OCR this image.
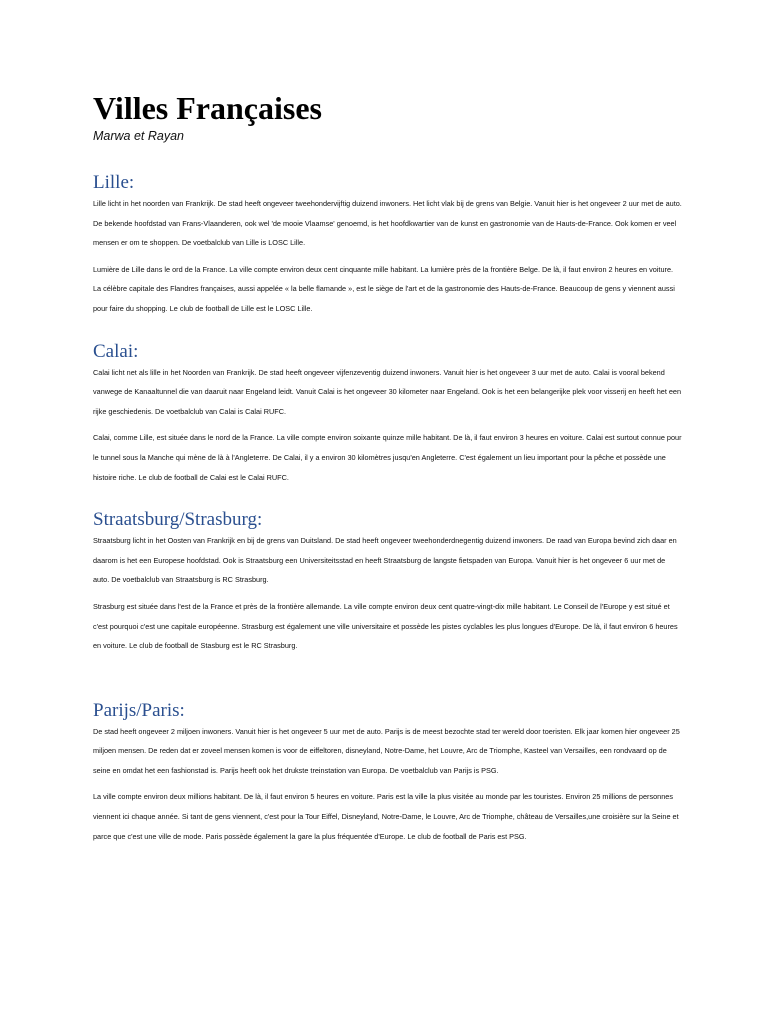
Villes Françaises

Marwa et Rayan

Lille:

Lille licht in het noorden van Frankrijk. De stad heeft ongeveer tweehondervijftig duizend inwoners. Het licht vlak bij de grens van Belgie. Vanuit hier is het ongeveer 2 uur met de auto. De bekende hoofdstad van Frans-Vlaanderen, ook wel 'de mooie Vlaamse' genoemd, is het hoofdkwartier van de kunst en gastronomie van de Hauts-de-France. Ook komen er veel mensen er om te shoppen. De voetbalclub van Lille is LOSC Lille.

Lumière de Lille dans le ord de la France. La ville compte environ deux cent cinquante mille habitant. La lumière près de la frontière Belge. De là, il faut environ 2 heures en voiture. La célèbre capitale des Flandres françaises, aussi appelée « la belle flamande », est le siège de l'art et de la gastronomie des Hauts-de-France. Beaucoup de gens y viennent aussi pour faire du shopping. Le club de football de Lille est le LOSC Lille.

Calai:

Calai licht net als lille in het Noorden van Frankrijk. De stad heeft ongeveer vijfenzeventig duizend inwoners. Vanuit hier is het ongeveer 3 uur met de auto. Calai is vooral bekend vanwege de Kanaaltunnel die van daaruit naar Engeland leidt. Vanuit Calai is het ongeveer 30 kilometer naar Engeland. Ook is het een belangerijke plek voor visserij en heeft het een rijke geschiedenis. De voetbalclub van Calai is Calai RUFC.

Calai, comme Lille, est située dans le nord de la France. La ville compte environ soixante quinze mille habitant. De là, il faut environ 3 heures en voiture. Calai est surtout connue pour le tunnel sous la Manche qui mène de là à l'Angleterre. De Calai, il y a environ 30 kilomètres jusqu'en Angleterre. C'est également un lieu important pour la pêche et possède une histoire riche. Le club de football de Calai est le Calai RUFC.

Straatsburg/Strasburg:

Straatsburg licht in het Oosten van Frankrijk en bij de grens van Duitsland. De stad heeft ongeveer tweehonderdnegentig duizend inwoners. De raad van Europa bevind zich daar en daarom is het een Europese hoofdstad. Ook is Straatsburg een Universiteitsstad en heeft Straatsburg de langste fietspaden van Europa. Vanuit hier is het ongeveer 6 uur met de auto. De voetbalclub van Straatsburg is RC Strasburg.

Strasburg est située dans l'est de la France et près de la frontière allemande. La ville compte environ deux cent quatre-vingt-dix mille habitant. Le Conseil de l'Europe y est situé et c'est pourquoi c'est une capitale européenne. Strasburg est également une ville universitaire et possède les pistes cyclables les plus longues d'Europe. De là, il faut environ 6 heures en voiture. Le club de football de Stasburg est le RC Strasburg.

Parijs/Paris:

De stad heeft ongeveer 2 miljoen inwoners. Vanuit hier is het ongeveer 5 uur met de auto. Parijs is de meest bezochte stad ter wereld door toeristen. Elk jaar komen hier ongeveer 25 miljoen mensen. De reden dat er zoveel mensen komen is voor de eiffeltoren, disneyland, Notre-Dame, het Louvre, Arc de Triomphe, Kasteel van Versailles, een rondvaard op de seine en omdat het een fashionstad is. Parijs heeft ook het drukste treinstation van Europa. De voetbalclub van Parijs is PSG.

La ville compte environ deux millions habitant. De là, il faut environ 5 heures en voiture. Paris est la ville la plus visitée au monde par les touristes. Environ 25 millions de personnes viennent ici chaque année. Si tant de gens viennent, c'est pour la Tour Eiffel, Disneyland, Notre-Dame, le Louvre, Arc de Triomphe, château de Versailles,une croisière sur la Seine et parce que c'est une ville de mode. Paris possède également la gare la plus fréquentée d'Europe. Le club de football de Paris est PSG.
